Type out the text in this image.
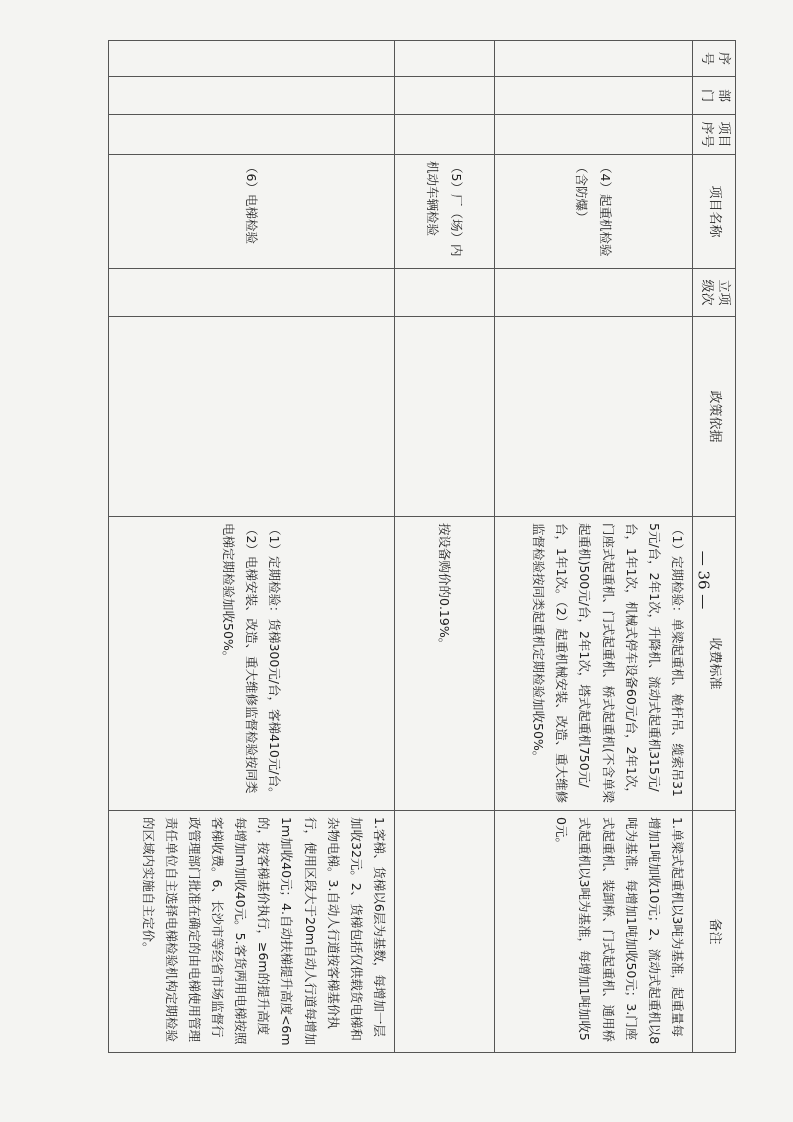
序号	部门	项目序号	项目名称	立项级次	政策依据	收费标准	备注
			（4）起重机检验（含防爆）			（1）定期检验：单梁起重机、桅杆吊、缆索吊315元/台，2年1次，升降机、流动式起重机315元/台，1年1次，机械式停车设备60元/台，2年1次，门座式起重机、门式起重机、桥式起重机(不含单梁起重机)500元/台，2年1次，塔式起重机750元/台，1年1次。（2）起重机械安装、改造、重大维修监督检验按同类起重机定期检验加收50%。	1.单梁式起重机以3吨为基准，起重量每增加1吨加收10元；2、流动式起重机以8吨为基准，每增加1吨加收50元；3.门座式起重机、装卸桥、门式起重机、通用桥式起重机以3吨为基准，每增加1吨加收50元。
			（5）厂（场）内机动车辆检验			按设备购价的0.19%。	
			（6）电梯检验			（1）定期检验：货梯300元/台，客梯410元/台。（2）电梯安装、改造、重大维修监督检验按同类电梯定期检验加收50%。	1.客梯、货梯以6层为基数，每增加一层加收32元。2、货梯包括仅供载货电梯和杂物电梯。3.自动人行道按客梯基价执行，使用区段大于20m自动人行道每增加1m加收40元；4.自动扶梯提升高度<6m的，按客梯基价执行，≥6m的提升高度每增加m加收40元。5.客货两用电梯按照客梯收费。6、长沙市等经省市场监督行政管理部门批准在确定的由电梯使用管理责任单位自主选择电梯检验机构定期检验的区域内实施自主定价。
— 36 —
